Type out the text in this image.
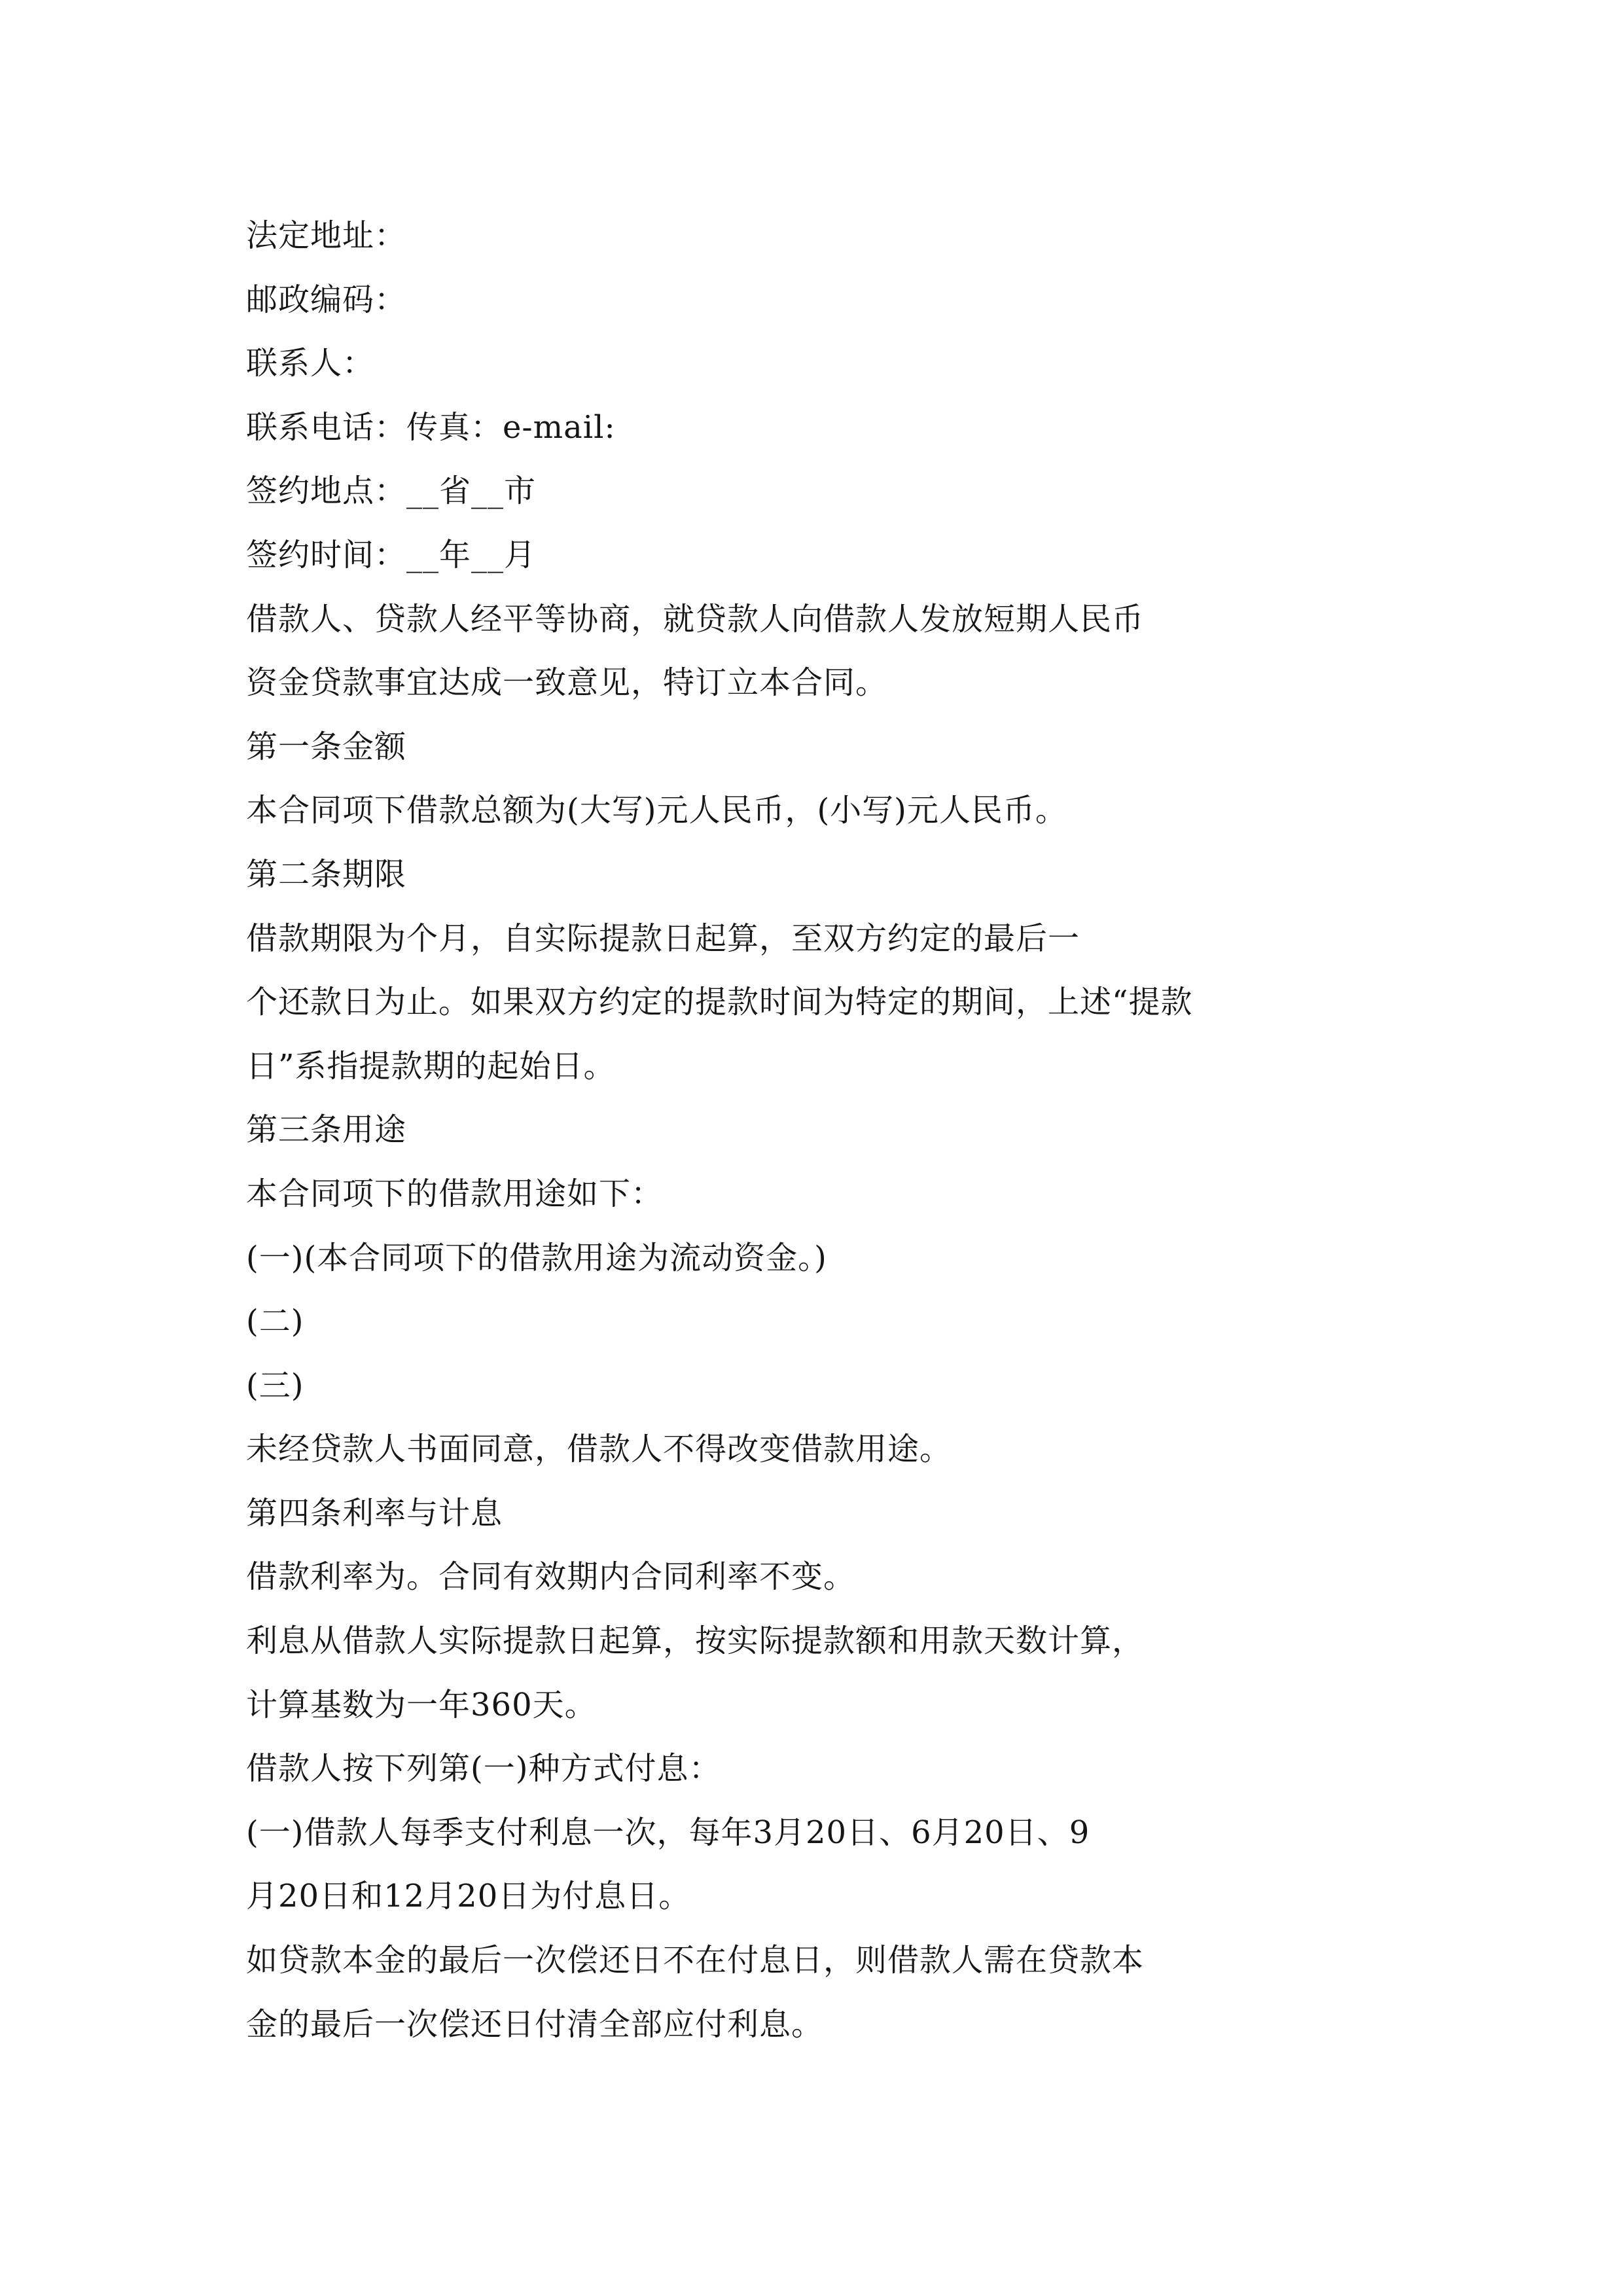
法定地址：
邮政编码：
联系人：
联系电话：传真：e-mail:
签约地点：__省__市
签约时间：__年__月
借款人、贷款人经平等协商，就贷款人向借款人发放短期人民币
资金贷款事宜达成一致意见，特订立本合同。
第一条金额
本合同项下借款总额为(大写)元人民币，(小写)元人民币。
第二条期限
借款期限为个月，自实际提款日起算，至双方约定的最后一
个还款日为止。如果双方约定的提款时间为特定的期间，上述“提款
日”系指提款期的起始日。
第三条用途
本合同项下的借款用途如下：
(一)(本合同项下的借款用途为流动资金。)
(二)
(三)
未经贷款人书面同意，借款人不得改变借款用途。
第四条利率与计息
借款利率为。合同有效期内合同利率不变。
利息从借款人实际提款日起算，按实际提款额和用款天数计算，
计算基数为一年360天。
借款人按下列第(一)种方式付息：
(一)借款人每季支付利息一次，每年3月20日、6月20日、9
月20日和12月20日为付息日。
如贷款本金的最后一次偿还日不在付息日，则借款人需在贷款本
金的最后一次偿还日付清全部应付利息。
